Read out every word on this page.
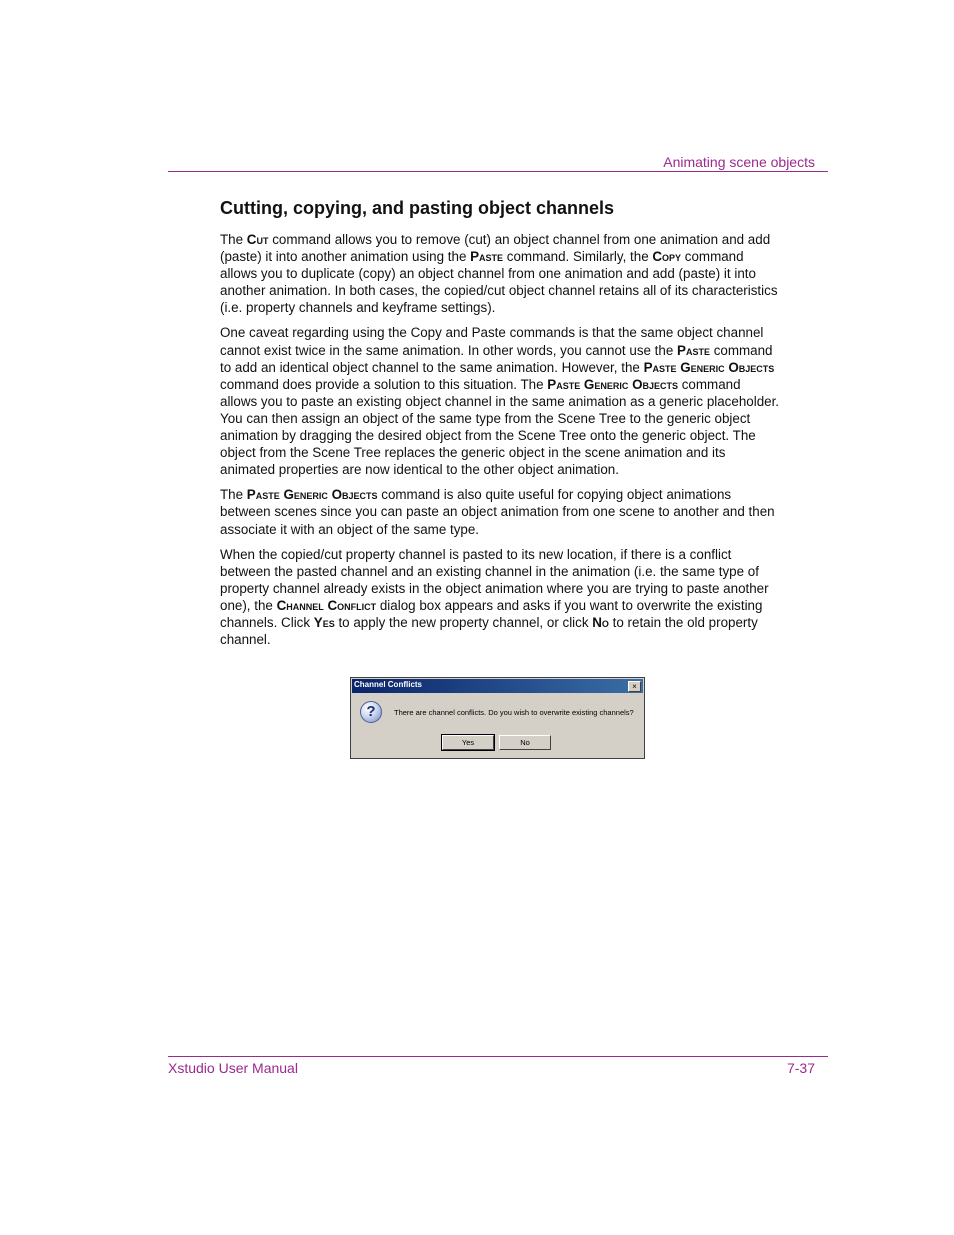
Animating scene objects
Cutting, copying, and pasting object channels

The Cut command allows you to remove (cut) an object channel from one animation and add (paste) it into another animation using the Paste command. Similarly, the Copy command allows you to duplicate (copy) an object channel from one animation and add (paste) it into another animation. In both cases, the copied/cut object channel retains all of its characteristics (i.e. property channels and keyframe settings).

One caveat regarding using the Copy and Paste commands is that the same object channel cannot exist twice in the same animation. In other words, you cannot use the Paste command to add an identical object channel to the same animation. However, the Paste Generic Objects command does provide a solution to this situation. The Paste Generic Objects command allows you to paste an existing object channel in the same animation as a generic placeholder. You can then assign an object of the same type from the Scene Tree to the generic object animation by dragging the desired object from the Scene Tree onto the generic object. The object from the Scene Tree replaces the generic object in the scene animation and its animated properties are now identical to the other object animation.

The Paste Generic Objects command is also quite useful for copying object animations between scenes since you can paste an object animation from one scene to another and then associate it with an object of the same type.

When the copied/cut property channel is pasted to its new location, if there is a conflict between the pasted channel and an existing channel in the animation (i.e. the same type of property channel already exists in the object animation where you are trying to paste another one), the Channel Conflict dialog box appears and asks if you want to overwrite the existing channels. Click Yes to apply the new property channel, or click No to retain the old property channel.

Channel Conflicts	×
?	There are channel conflicts. Do you wish to overwrite existing channels?
Yes	No
Xstudio User Manual	7-37
